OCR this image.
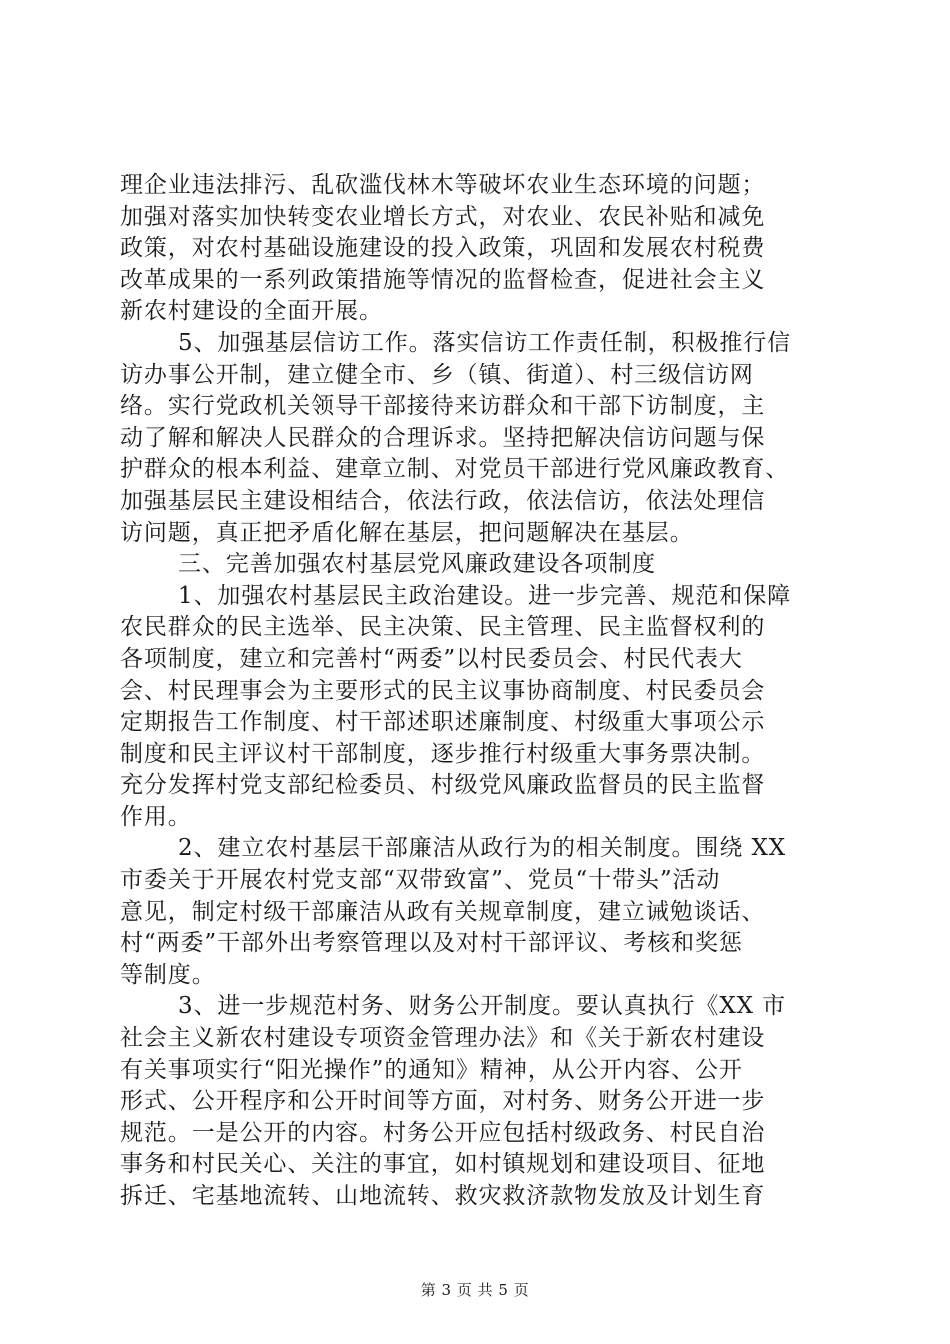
理企业违法排污、乱砍滥伐林木等破坏农业生态环境的问题；
加强对落实加快转变农业增长方式，对农业、农民补贴和减免
政策，对农村基础设施建设的投入政策，巩固和发展农村税费
改革成果的一系列政策措施等情况的监督检查，促进社会主义
新农村建设的全面开展。
5、加强基层信访工作。落实信访工作责任制，积极推行信
访办事公开制，建立健全市、乡（镇、街道）、村三级信访网
络。实行党政机关领导干部接待来访群众和干部下访制度，主
动了解和解决人民群众的合理诉求。坚持把解决信访问题与保
护群众的根本利益、建章立制、对党员干部进行党风廉政教育、
加强基层民主建设相结合，依法行政，依法信访，依法处理信
访问题，真正把矛盾化解在基层，把问题解决在基层。
三、完善加强农村基层党风廉政建设各项制度
1、加强农村基层民主政治建设。进一步完善、规范和保障
农民群众的民主选举、民主决策、民主管理、民主监督权利的
各项制度，建立和完善村“两委”以村民委员会、村民代表大
会、村民理事会为主要形式的民主议事协商制度、村民委员会
定期报告工作制度、村干部述职述廉制度、村级重大事项公示
制度和民主评议村干部制度，逐步推行村级重大事务票决制。
充分发挥村党支部纪检委员、村级党风廉政监督员的民主监督
作用。
2、建立农村基层干部廉洁从政行为的相关制度。围绕 XX
市委关于开展农村党支部“双带致富”、党员“十带头”活动
意见，制定村级干部廉洁从政有关规章制度，建立诫勉谈话、
村“两委”干部外出考察管理以及对村干部评议、考核和奖惩
等制度。
3、进一步规范村务、财务公开制度。要认真执行《XX 市
社会主义新农村建设专项资金管理办法》和《关于新农村建设
有关事项实行“阳光操作”的通知》精神，从公开内容、公开
形式、公开程序和公开时间等方面，对村务、财务公开进一步
规范。一是公开的内容。村务公开应包括村级政务、村民自治
事务和村民关心、关注的事宜，如村镇规划和建设项目、征地
拆迁、宅基地流转、山地流转、救灾救济款物发放及计划生育
第 3 页 共 5 页
